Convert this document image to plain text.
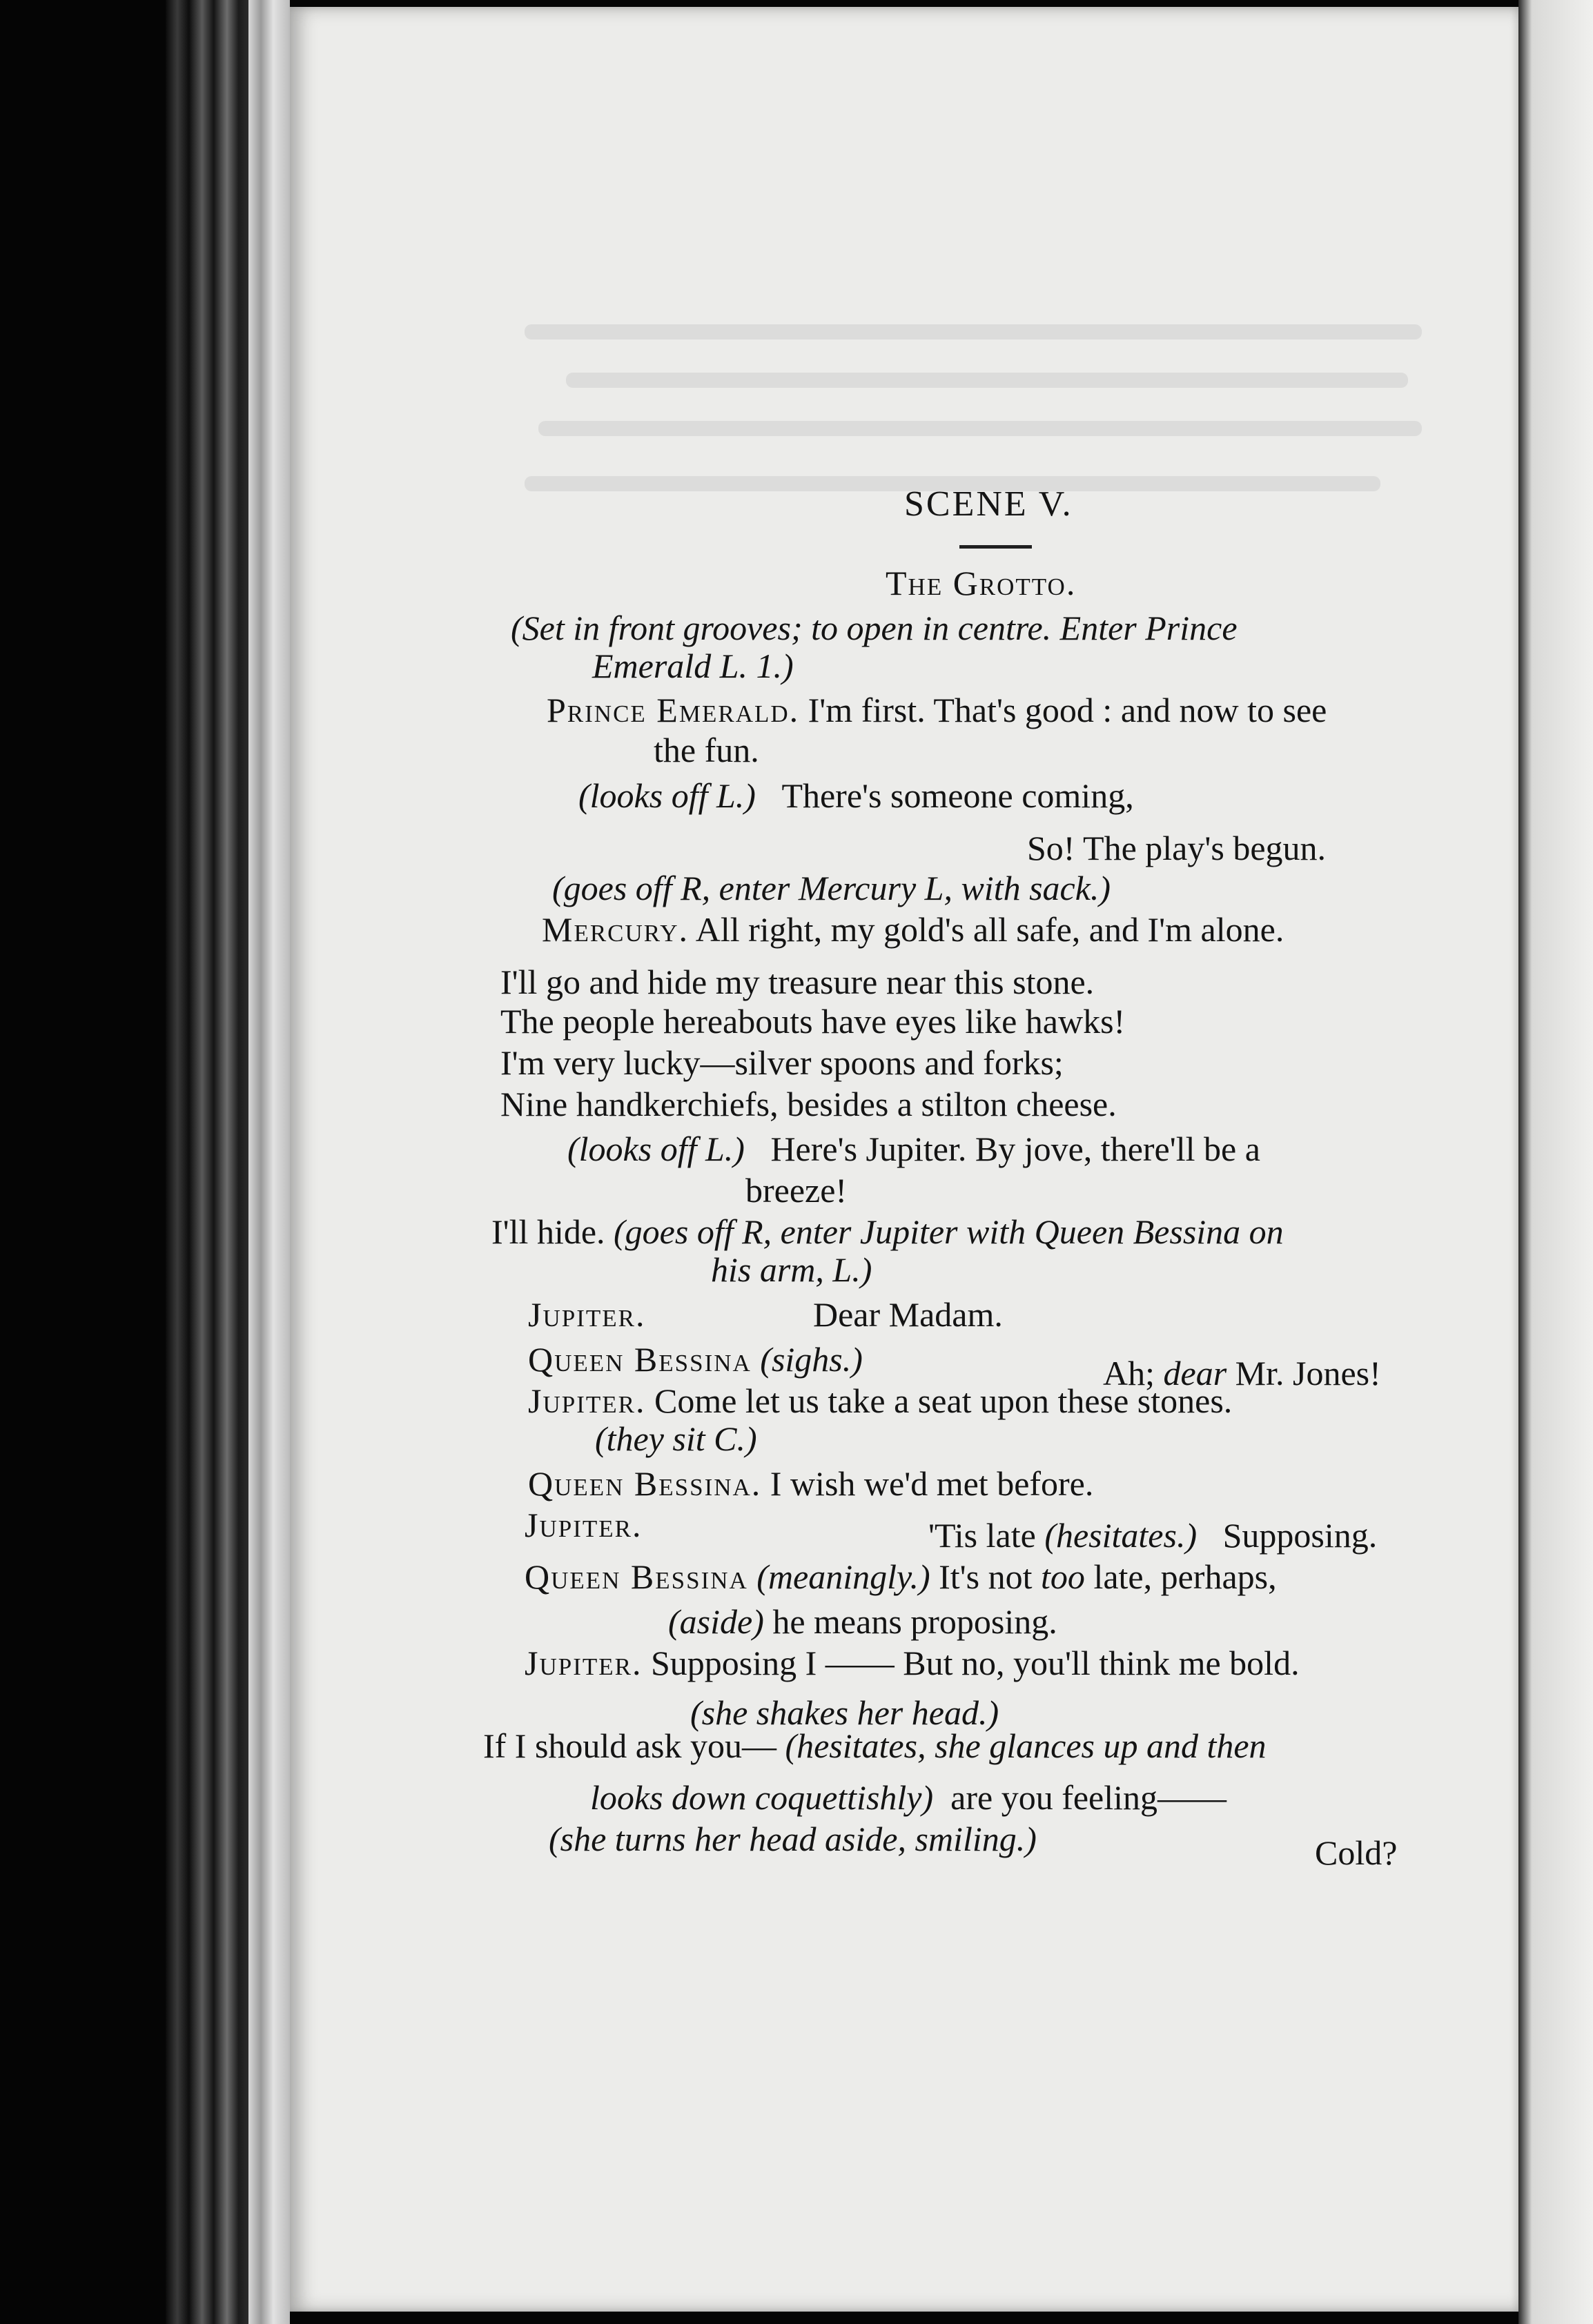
SCENE V.
The Grotto.
(Set in front grooves; to open in centre. Enter Prince
Emerald L. 1.)
Prince Emerald. I'm first. That's good : and now to see
the fun.
(looks off L.) There's someone coming,
So! The play's begun.
(goes off R, enter Mercury L, with sack.)
Mercury. All right, my gold's all safe, and I'm alone.
I'll go and hide my treasure near this stone.
The people hereabouts have eyes like hawks!
I'm very lucky—silver spoons and forks;
Nine handkerchiefs, besides a stilton cheese.
(looks off L.) Here's Jupiter. By jove, there'll be a
breeze!
I'll hide. (goes off R, enter Jupiter with Queen Bessina on
his arm, L.)
Jupiter.	Dear Madam.
Queen Bessina (sighs.)	Ah; dear Mr. Jones!
Jupiter. Come let us take a seat upon these stones.
(they sit C.)
Queen Bessina. I wish we'd met before.
Jupiter.	'Tis late (hesitates.) Supposing.
Queen Bessina (meaningly.) It's not too late, perhaps,
(aside) he means proposing.
Jupiter. Supposing I —— But no, you'll think me bold.
(she shakes her head.)
If I should ask you— (hesitates, she glances up and then
looks down coquettishly) are you feeling——
(she turns her head aside, smiling.)	Cold?
